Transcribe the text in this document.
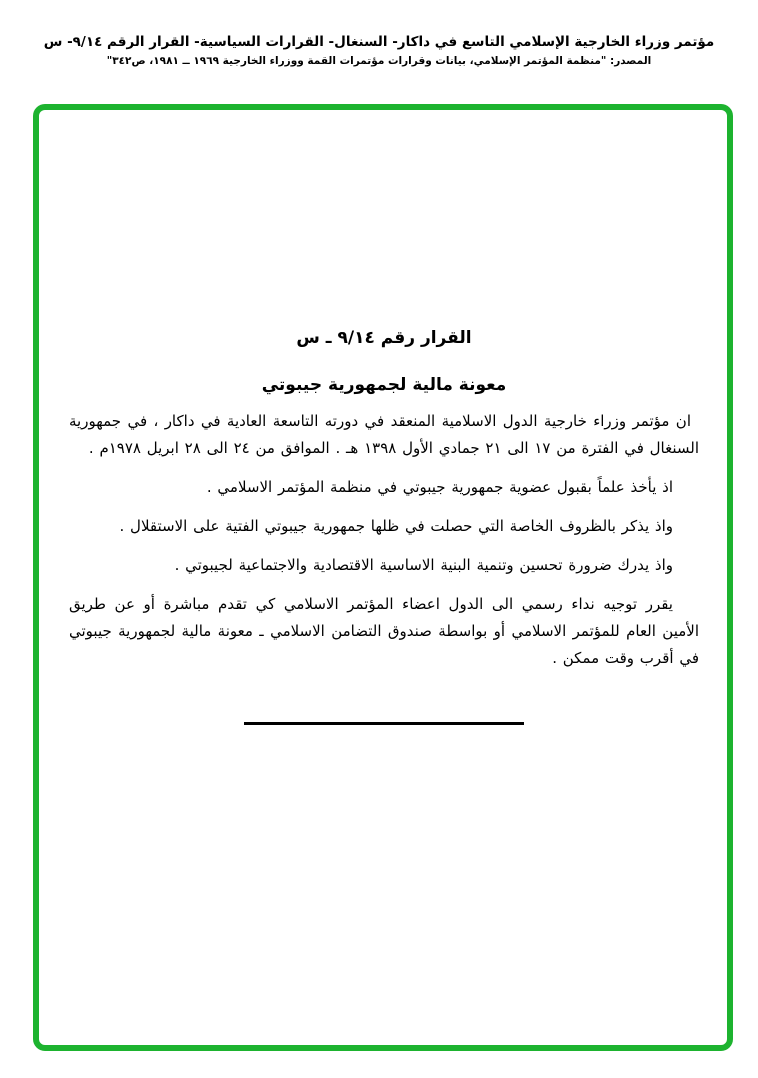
مؤتمر وزراء الخارجية الإسلامي التاسع في داكار- السنغال- القرارات السياسية- القرار الرقم ٩/١٤- س
المصدر: "منظمة المؤتمر الإسلامي، بيانات وقرارات مؤتمرات القمة ووزراء الخارجية ١٩٦٩ ــ ١٩٨١، ص٣٤٢"
القرار رقم ٩/١٤ ـ س
معونة مالية لجمهورية جيبوتي

ان مؤتمر وزراء خارجية الدول الاسلامية المنعقد في دورته التاسعة العادية في داكار ، في جمهورية السنغال في الفترة من ١٧ الى ٢١ جمادي الأول ١٣٩٨ هـ . الموافق من ٢٤ الى ٢٨ ابريل ١٩٧٨م .

اذ يأخذ علماً بقبول عضوية جمهورية جيبوتي في منظمة المؤتمر الاسلامي .

واذ يذكر بالظروف الخاصة التي حصلت في ظلها جمهورية جيبوتي الفتية على الاستقلال .

واذ يدرك ضرورة تحسين وتنمية البنية الاساسية الاقتصادية والاجتماعية لجيبوتي .

يقرر توجيه نداء رسمي الى الدول اعضاء المؤتمر الاسلامي كي تقدم مباشرة أو عن طريق الأمين العام للمؤتمر الاسلامي أو بواسطة صندوق التضامن الاسلامي ـ معونة مالية لجمهورية جيبوتي في أقرب وقت ممكن .
